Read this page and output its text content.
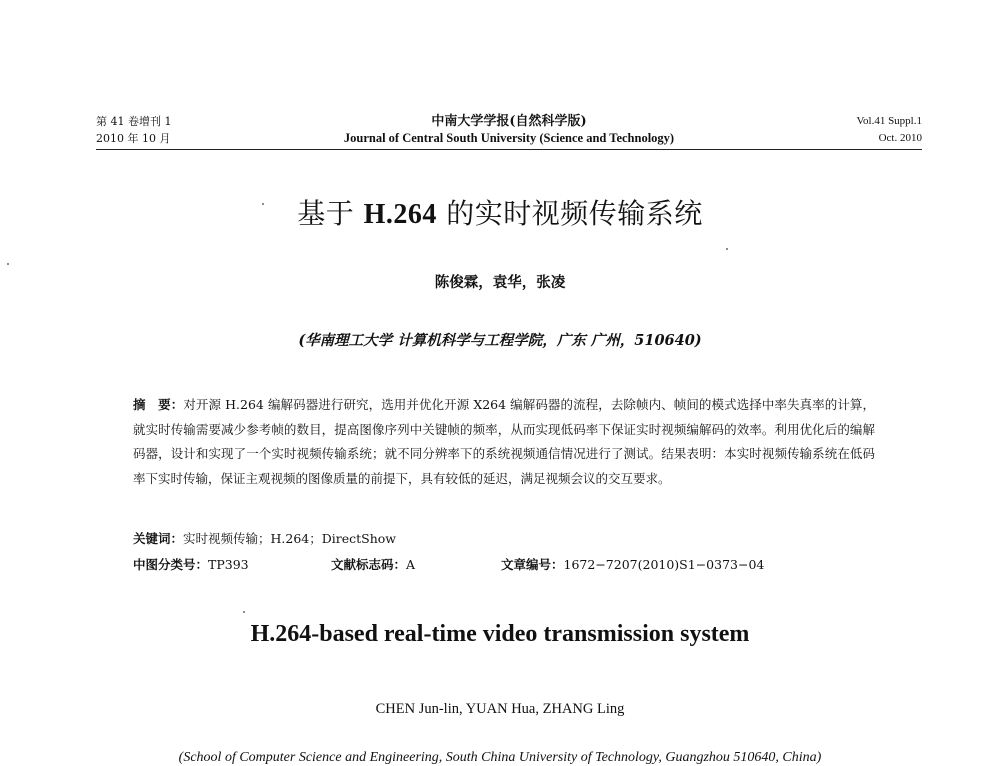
第 41 卷增刊 1
2010 年 10 月
中南大学学报(自然科学版)
Journal of Central South University (Science and Technology)
Vol.41 Suppl.1
Oct. 2010
基于 H.264 的实时视频传输系统
陈俊霖，袁华，张凌
(华南理工大学 计算机科学与工程学院，广东 广州，510640)
摘　要：对开源 H.264 编解码器进行研究，选用并优化开源 X264 编解码器的流程，去除帧内、帧间的模式选择中率失真率的计算，就实时传输需要减少参考帧的数目，提高图像序列中关键帧的频率，从而实现低码率下保证实时视频编解码的效率。利用优化后的编解码器，设计和实现了一个实时视频传输系统；就不同分辨率下的系统视频通信情况进行了测试。结果表明：本实时视频传输系统在低码率下实时传输，保证主观视频的图像质量的前提下，具有较低的延迟，满足视频会议的交互要求。
关键词：实时视频传输；H.264；DirectShow
中图分类号：TP393	文献标志码：A	文章编号：1672−7207(2010)S1−0373−04
H.264-based real-time video transmission system
CHEN Jun-lin, YUAN Hua, ZHANG Ling
(School of Computer Science and Engineering, South China University of Technology, Guangzhou 510640, China)
